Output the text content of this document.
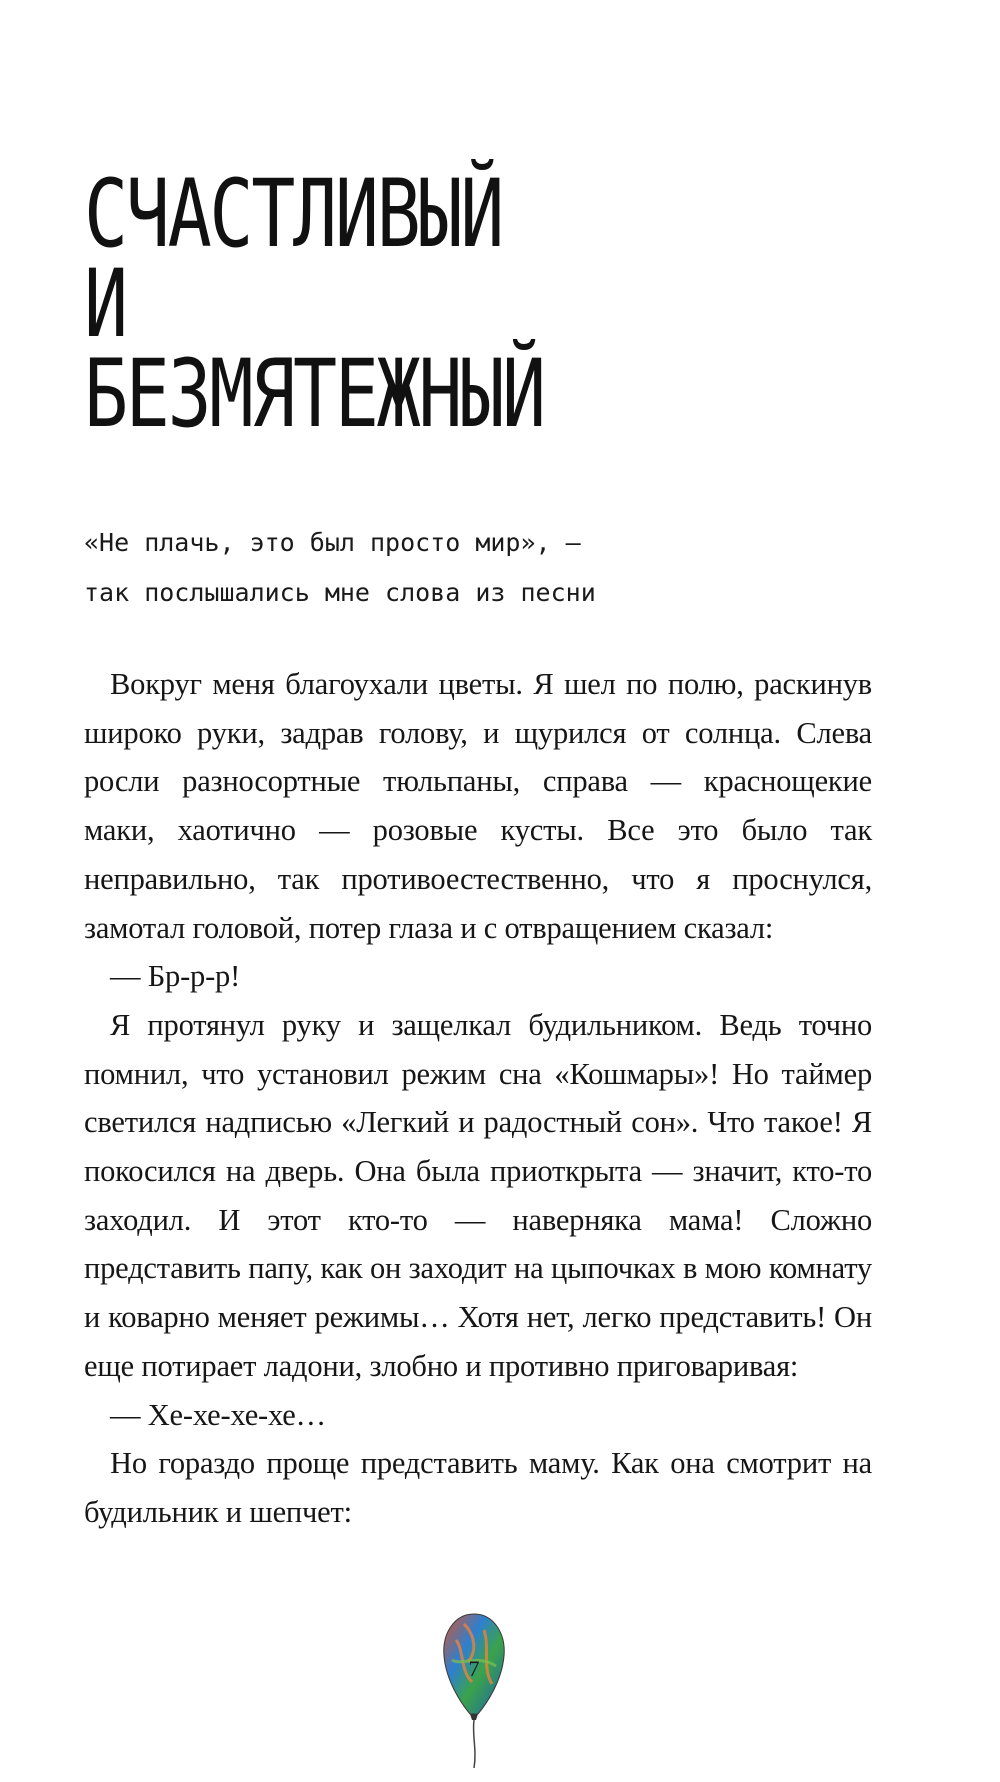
СЧАСТЛИВЫЙ
И
БЕЗМЯТЕЖНЫЙ
«Не плачь, это был просто мир», –
так послышались мне слова из песни

Вокруг меня благоухали цветы. Я шел по полю, раскинув широко руки, задрав голову, и щурился от солнца. Слева росли разносортные тюльпаны, справа — краснощекие маки, хаотично — розовые кусты. Все это было так неправильно, так противоестественно, что я проснулся, замотал головой, потер глаза и с отвращением сказал:

— Бр-р-р!

Я протянул руку и защелкал будильником. Ведь точно помнил, что установил режим сна «Кошмары»! Но таймер светился надписью «Легкий и радостный сон». Что такое! Я покосился на дверь. Она была приоткрыта — значит, кто-то заходил. И этот кто-то — наверняка мама! Сложно представить папу, как он заходит на цыпочках в мою комнату и коварно меняет режимы… Хотя нет, легко представить! Он еще потирает ладони, злобно и противно приговаривая:

— Хе-хе-хе-хе…

Но гораздо проще представить маму. Как она смотрит на будильник и шепчет:

7
